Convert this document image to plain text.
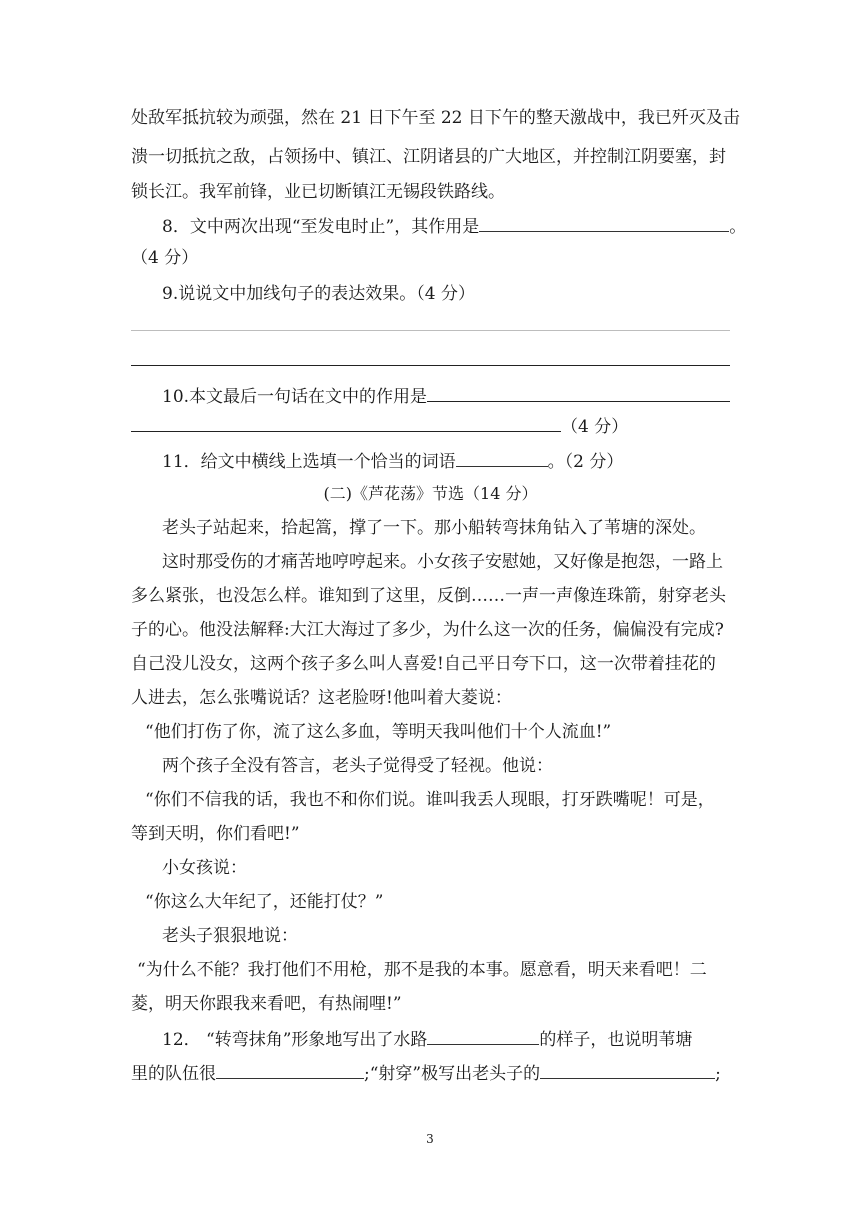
处敌军抵抗较为顽强，然在 21 日下午至 22 日下午的整天激战中，我已歼灭及击
溃一切抵抗之敌，占领扬中、镇江、江阴诸县的广大地区，并控制江阴要塞，封
锁长江。我军前锋，业已切断镇江无锡段铁路线。
8．文中两次出现“至发电时止”，其作用是	。
（4 分）
9.说说文中加线句子的表达效果。（4 分）
10.本文最后一句话在文中的作用是
（4 分）
11．给文中横线上选填一个恰当的词语	。（2 分）
(二)《芦花荡》节选（14 分）
老头子站起来，拾起篙，撑了一下。那小船转弯抹角钻入了苇塘的深处。
这时那受伤的才痛苦地哼哼起来。小女孩子安慰她，又好像是抱怨，一路上
多么紧张，也没怎么样。谁知到了这里，反倒……一声一声像连珠箭，射穿老头
子的心。他没法解释:大江大海过了多少，为什么这一次的任务，偏偏没有完成?
自己没儿没女，这两个孩子多么叫人喜爱!自己平日夸下口，这一次带着挂花的
人进去，怎么张嘴说话？这老脸呀!他叫着大菱说：
“他们打伤了你，流了这么多血，等明天我叫他们十个人流血!”
两个孩子全没有答言，老头子觉得受了轻视。他说：
“你们不信我的话，我也不和你们说。谁叫我丢人现眼，打牙跌嘴呢！可是，
等到天明，你们看吧!”
小女孩说：
“你这么大年纪了，还能打仗？”
老头子狠狠地说：
“为什么不能？我打他们不用枪，那不是我的本事。愿意看，明天来看吧！二
菱，明天你跟我来看吧，有热闹哩!”
12． “转弯抹角”形象地写出了水路	的样子，也说明苇塘
里的队伍很	;“射穿”极写出老头子的	;
3
